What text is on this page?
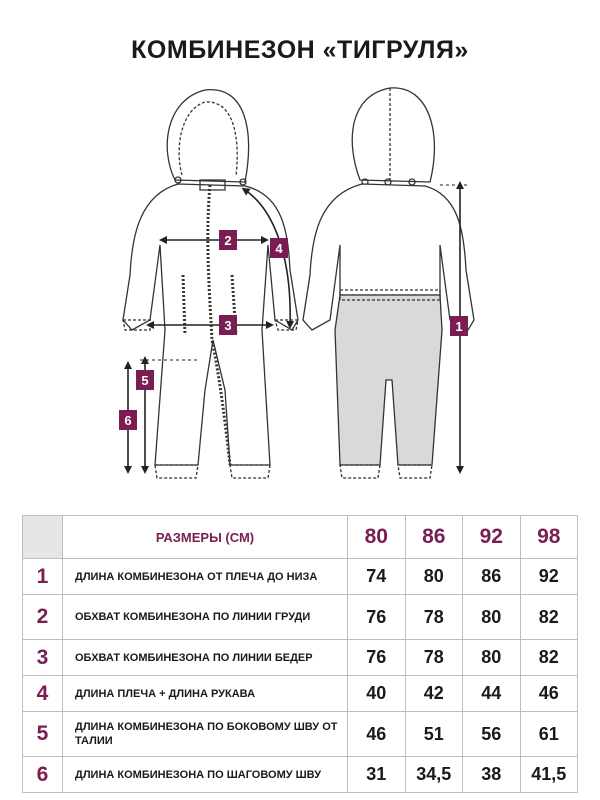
КОМБИНЕЗОН «ТИГРУЛЯ»
1
2
3
4
5
6
	РАЗМЕРЫ (СМ)	80	86	92	98
1	ДЛИНА КОМБИНЕЗОНА ОТ ПЛЕЧА ДО НИЗА	74	80	86	92
2	ОБХВАТ КОМБИНЕЗОНА ПО ЛИНИИ ГРУДИ	76	78	80	82
3	ОБХВАТ КОМБИНЕЗОНА ПО ЛИНИИ БЕДЕР	76	78	80	82
4	ДЛИНА ПЛЕЧА + ДЛИНА РУКАВА	40	42	44	46
5	ДЛИНА КОМБИНЕЗОНА ПО БОКОВОМУ ШВУ ОТ ТАЛИИ	46	51	56	61
6	ДЛИНА КОМБИНЕЗОНА ПО ШАГОВОМУ ШВУ	31	34,5	38	41,5
